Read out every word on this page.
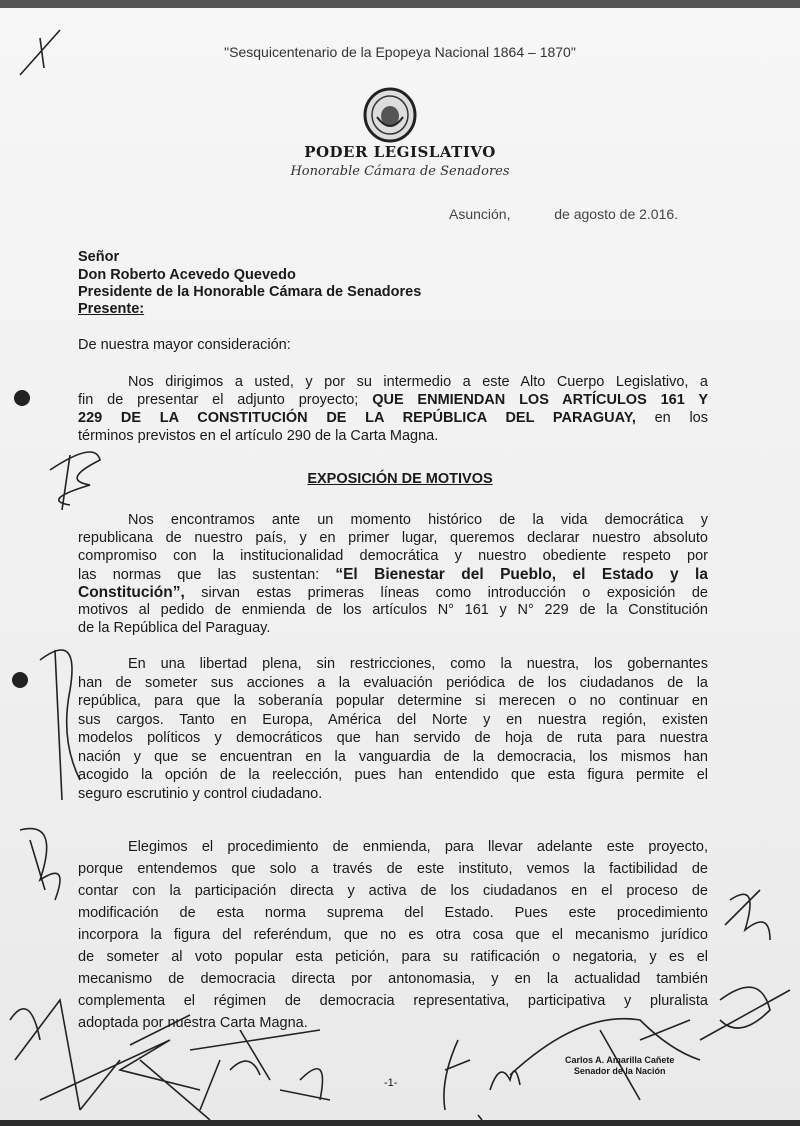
"Sesquicentenario de la Epopeya Nacional 1864 – 1870"
PODER LEGISLATIVO
Honorable Cámara de Senadores
Asunción,	de agosto de 2.016.
Señor
Don Roberto Acevedo Quevedo
Presidente de la Honorable Cámara de Senadores
Presente:
De nuestra mayor consideración:
Nos dirigimos a usted, y por su intermedio a este Alto Cuerpo Legislativo, a
fin de presentar el adjunto proyecto; QUE ENMIENDAN LOS ARTÍCULOS 161 Y
229 DE LA CONSTITUCIÓN DE LA REPÚBLICA DEL PARAGUAY, en los
términos previstos en el artículo 290 de la Carta Magna.
EXPOSICIÓN DE MOTIVOS
Nos encontramos ante un momento histórico de la vida democrática y
republicana de nuestro país, y en primer lugar, queremos declarar nuestro absoluto
compromiso con la institucionalidad democrática y nuestro obediente respeto por
las normas que las sustentan: “El Bienestar del Pueblo, el Estado y la
Constitución”, sirvan estas primeras líneas como introducción o exposición de
motivos al pedido de enmienda de los artículos N° 161 y N° 229 de la Constitución
de la República del Paraguay.
En una libertad plena, sin restricciones, como la nuestra, los gobernantes
han de someter sus acciones a la evaluación periódica de los ciudadanos de la
república, para que la soberanía popular determine si merecen o no continuar en
sus cargos. Tanto en Europa, América del Norte y en nuestra región, existen
modelos políticos y democráticos que han servido de hoja de ruta para nuestra
nación y que se encuentran en la vanguardia de la democracia, los mismos han
acogido la opción de la reelección, pues han entendido que esta figura permite el
seguro escrutinio y control ciudadano.
Elegimos el procedimiento de enmienda, para llevar adelante este proyecto,
porque entendemos que solo a través de este instituto, vemos la factibilidad de
contar con la participación directa y activa de los ciudadanos en el proceso de
modificación de esta norma suprema del Estado. Pues este procedimiento
incorpora la figura del referéndum, que no es otra cosa que el mecanismo jurídico
de someter al voto popular esta petición, para su ratificación o negatoria, y es el
mecanismo de democracia directa por antonomasia, y en la actualidad también
complementa el régimen de democracia representativa, participativa y pluralista
adoptada por nuestra Carta Magna.
Carlos A. Amarilla Cañete
Senador de la Nación
-1-
